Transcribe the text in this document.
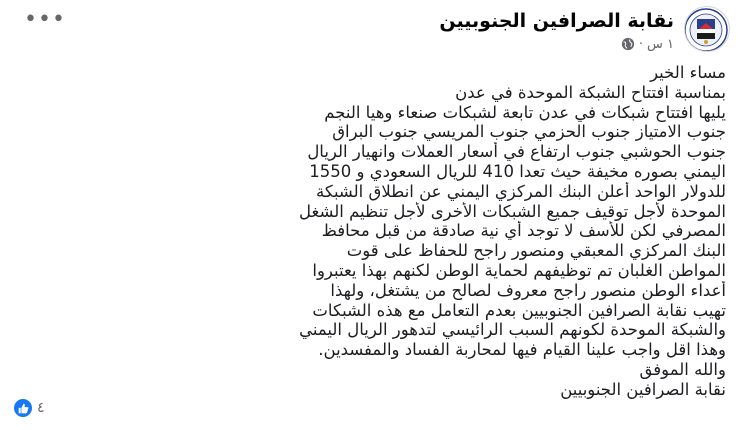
نقابة الصرافين الجنوبيين
١ س
·
•••
مساء الخير
بمناسبة افتتاح الشبكة الموحدة في عدن
يليها افتتاح شبكات في عدن تابعة لشبكات صنعاء وهيا النجم
جنوب الامتياز جنوب الحزمي جنوب المريسي جنوب البراق
جنوب الحوشبي جنوب ارتفاع في أسعار العملات وانهيار الريال
اليمني بصوره مخيفة حيث تعدا 410 للريال السعودي و 1550
للدولار الواحد أعلن البنك المركزي اليمني عن انطلاق الشبكة
الموحدة لأجل توقيف جميع الشبكات الأخرى لأجل تنظيم الشغل
المصرفي لكن للأسف لا توجد أي نية صادقة من قبل محافظ
البنك المركزي المعبقي ومنصور راجح للحفاظ على قوت
المواطن الغلبان تم توظيفهم لحماية الوطن لكنهم بهذا يعتبروا
أعداء الوطن منصور راجح معروف لصالح من يشتغل، ولهذا
تهيب نقابة الصرافين الجنوبيين بعدم التعامل مع هذه الشبكات
والشبكة الموحدة لكونهم السبب الرائيسي لتدهور الريال اليمني
وهذا اقل واجب علينا القيام فيها لمحاربة الفساد والمفسدين.
والله الموفق
نقابة الصرافين الجنوبيين
٤
